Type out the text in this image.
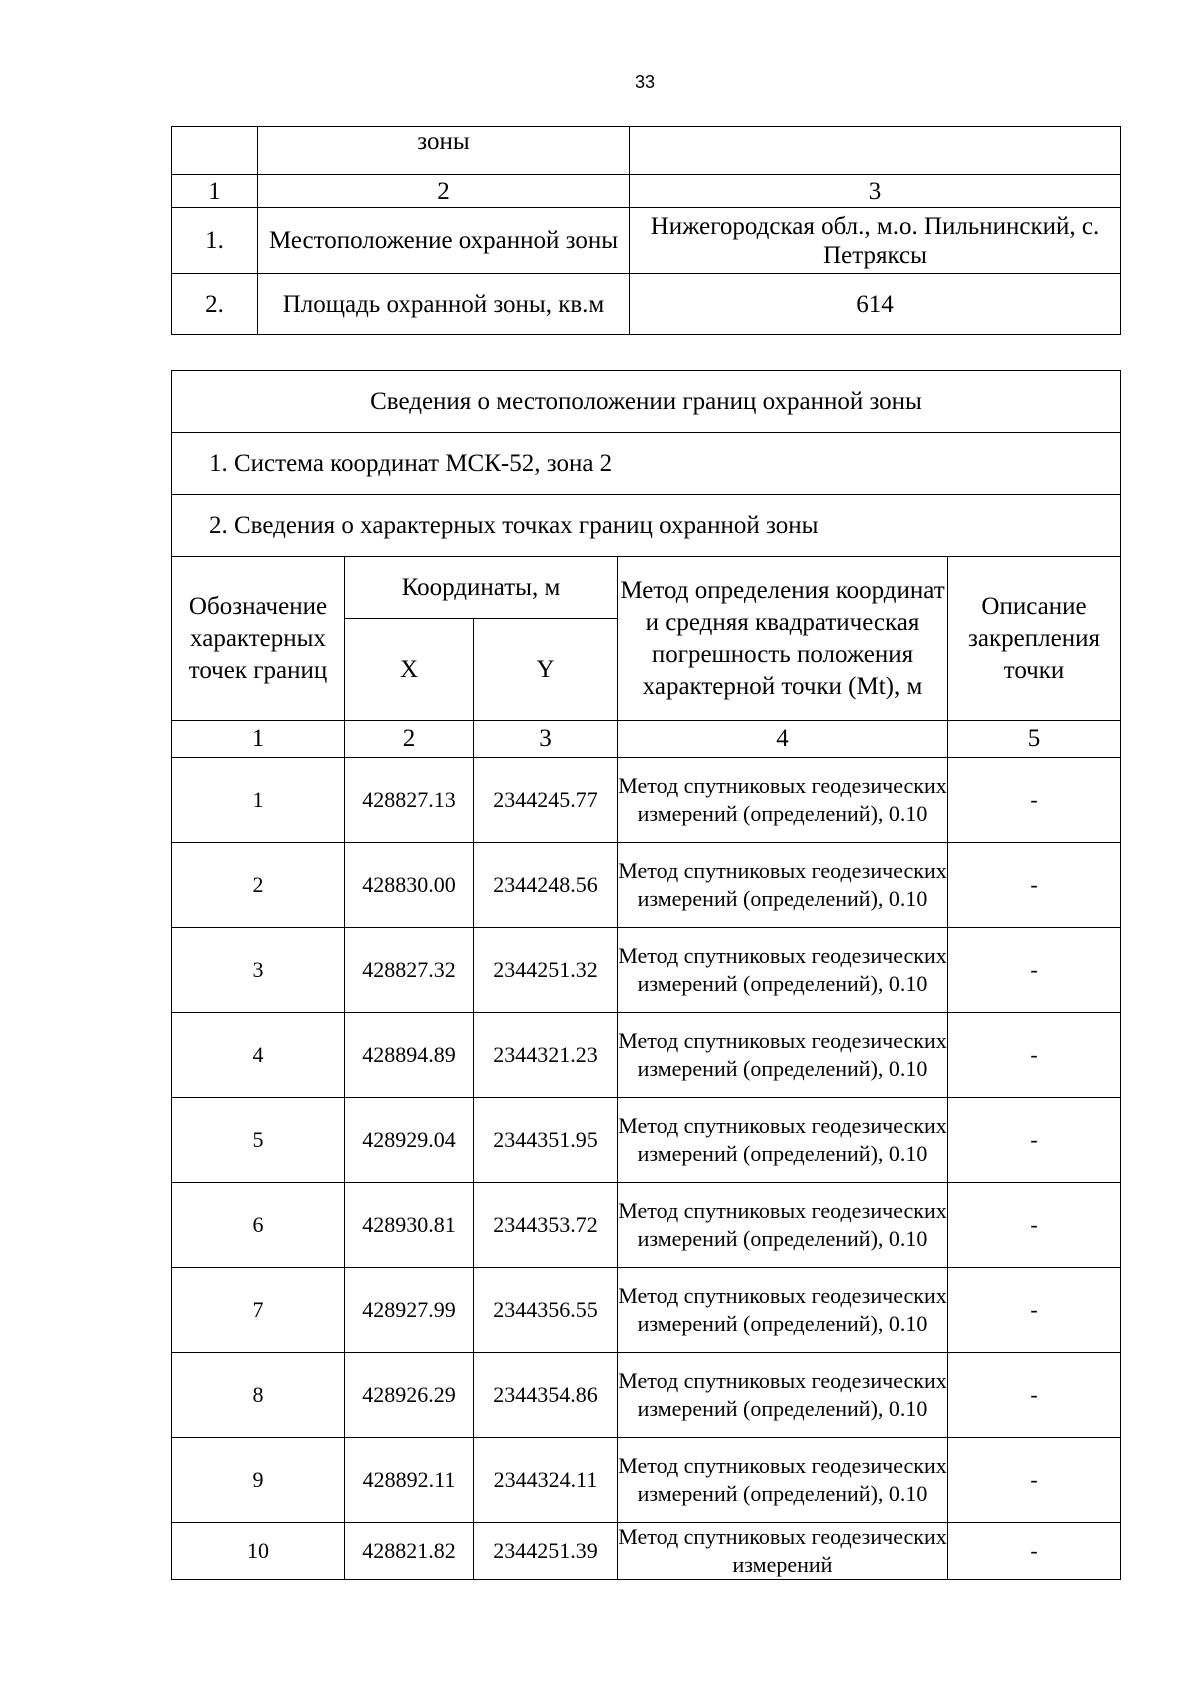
33
	зоны	
1	2	3
1.	Местоположение охранной зоны	Нижегородская обл., м.о. Пильнинский, с. Петряксы
2.	Площадь охранной зоны, кв.м	614
Сведения о местоположении границ охранной зоны				
1. Система координат МСК-52, зона 2				
2. Сведения о характерных точках границ охранной зоны				
Обозначение характерных точек границ	Координаты, м		Метод определения координат и средняя квадратическая погрешность положения характерной точки (Mt), м	Описание закрепления точки
	X	Y		
1	2	3	4	5
1	428827.13	2344245.77	Метод спутниковых геодезических измерений (определений), 0.10	-
2	428830.00	2344248.56	Метод спутниковых геодезических измерений (определений), 0.10	-
3	428827.32	2344251.32	Метод спутниковых геодезических измерений (определений), 0.10	-
4	428894.89	2344321.23	Метод спутниковых геодезических измерений (определений), 0.10	-
5	428929.04	2344351.95	Метод спутниковых геодезических измерений (определений), 0.10	-
6	428930.81	2344353.72	Метод спутниковых геодезических измерений (определений), 0.10	-
7	428927.99	2344356.55	Метод спутниковых геодезических измерений (определений), 0.10	-
8	428926.29	2344354.86	Метод спутниковых геодезических измерений (определений), 0.10	-
9	428892.11	2344324.11	Метод спутниковых геодезических измерений (определений), 0.10	-
10	428821.82	2344251.39	Метод спутниковых геодезических измерений	-
